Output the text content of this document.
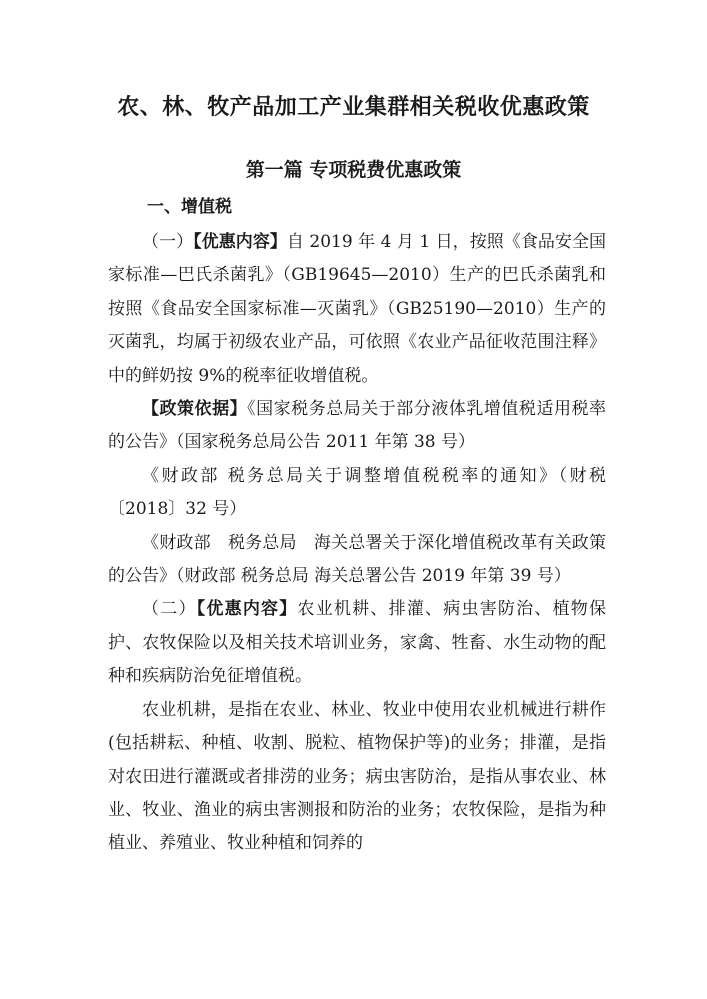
农、林、牧产品加工产业集群相关税收优惠政策
第一篇 专项税费优惠政策
一、增值税

（一）【优惠内容】自 2019 年 4 月 1 日，按照《食品安全国家标准—巴氏杀菌乳》（GB19645—2010）生产的巴氏杀菌乳和按照《食品安全国家标准—灭菌乳》（GB25190—2010）生产的灭菌乳，均属于初级农业产品，可依照《农业产品征收范围注释》中的鲜奶按 9%的税率征收增值税。

【政策依据】《国家税务总局关于部分液体乳增值税适用税率的公告》（国家税务总局公告 2011 年第 38 号）

《财政部 税务总局关于调整增值税税率的通知》（财税〔2018〕32 号）

《财政部　税务总局　海关总署关于深化增值税改革有关政策的公告》（财政部 税务总局 海关总署公告 2019 年第 39 号）

（二）【优惠内容】农业机耕、排灌、病虫害防治、植物保护、农牧保险以及相关技术培训业务，家禽、牲畜、水生动物的配种和疾病防治免征增值税。

农业机耕，是指在农业、林业、牧业中使用农业机械进行耕作(包括耕耘、种植、收割、脱粒、植物保护等)的业务；排灌，是指对农田进行灌溉或者排涝的业务；病虫害防治，是指从事农业、林业、牧业、渔业的病虫害测报和防治的业务；农牧保险，是指为种植业、养殖业、牧业种植和饲养的
